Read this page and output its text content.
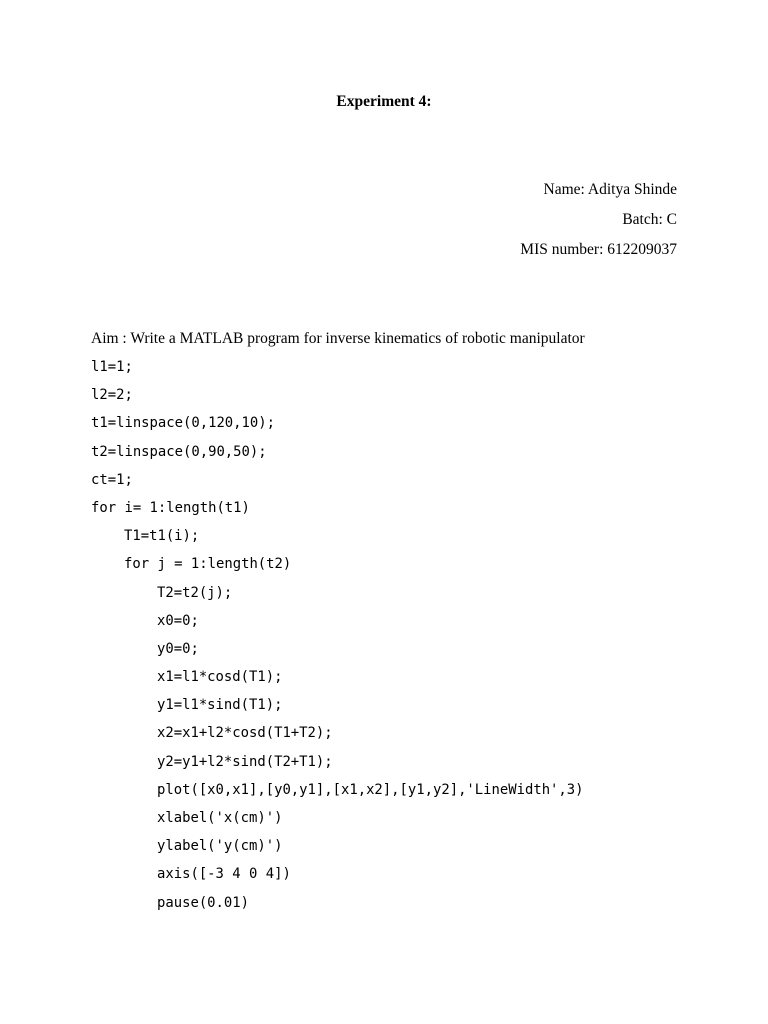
Experiment 4:
Name: Aditya Shinde
Batch: C
MIS number: 612209037
Aim : Write a MATLAB program for inverse kinematics of robotic manipulator
l1=1;
l2=2;
t1=linspace(0,120,10);
t2=linspace(0,90,50);
ct=1;
for i= 1:length(t1)
T1=t1(i);
for j = 1:length(t2)
T2=t2(j);
x0=0;
y0=0;
x1=l1*cosd(T1);
y1=l1*sind(T1);
x2=x1+l2*cosd(T1+T2);
y2=y1+l2*sind(T2+T1);
plot([x0,x1],[y0,y1],[x1,x2],[y1,y2],'LineWidth',3)
xlabel('x(cm)')
ylabel('y(cm)')
axis([-3 4 0 4])
pause(0.01)
